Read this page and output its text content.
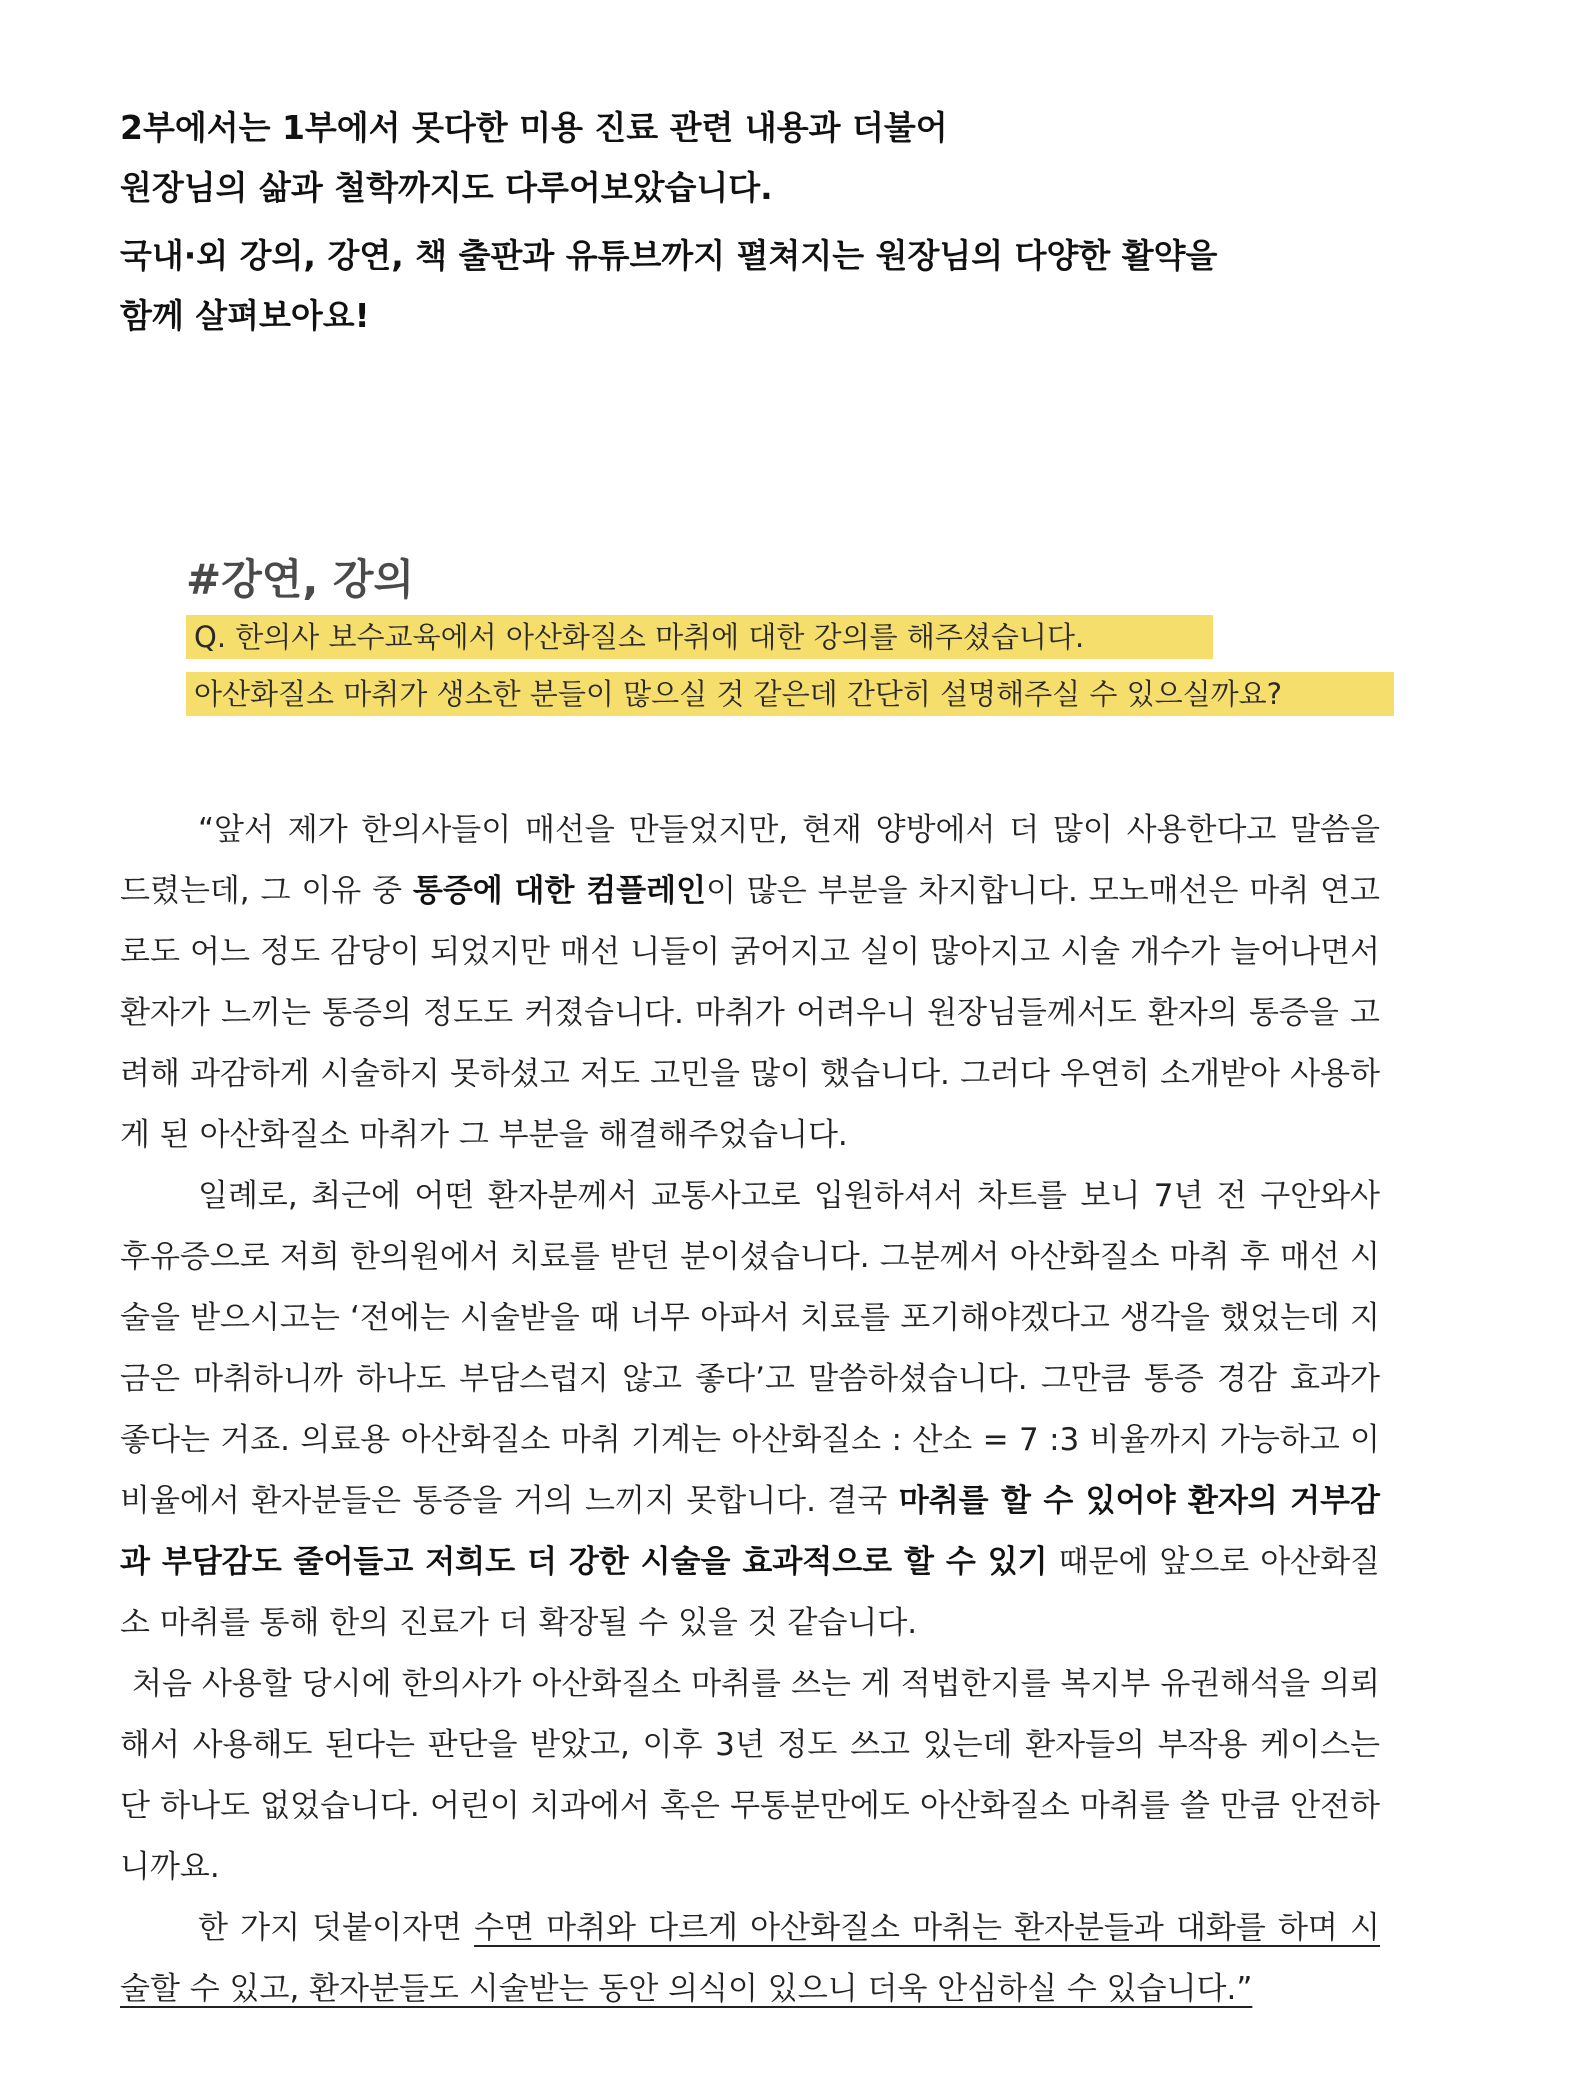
2부에서는 1부에서 못다한 미용 진료 관련 내용과 더불어

원장님의 삶과 철학까지도 다루어보았습니다.

국내·외 강의, 강연, 책 출판과 유튜브까지 펼쳐지는 원장님의 다양한 활약을

함께 살펴보아요!

#강연, 강의
Q. 한의사 보수교육에서 아산화질소 마취에 대한 강의를 해주셨습니다.
아산화질소 마취가 생소한 분들이 많으실 것 같은데 간단히 설명해주실 수 있으실까요?

“앞서 제가 한의사들이 매선을 만들었지만, 현재 양방에서 더 많이 사용한다고 말씀을 드렸는데, 그 이유 중 통증에 대한 컴플레인이 많은 부분을 차지합니다. 모노매선은 마취 연고로도 어느 정도 감당이 되었지만 매선 니들이 굵어지고 실이 많아지고 시술 개수가 늘어나면서 환자가 느끼는 통증의 정도도 커졌습니다. 마취가 어려우니 원장님들께서도 환자의 통증을 고려해 과감하게 시술하지 못하셨고 저도 고민을 많이 했습니다. 그러다 우연히 소개받아 사용하게 된 아산화질소 마취가 그 부분을 해결해주었습니다.

일례로, 최근에 어떤 환자분께서 교통사고로 입원하셔서 차트를 보니 7년 전 구안와사 후유증으로 저희 한의원에서 치료를 받던 분이셨습니다. 그분께서 아산화질소 마취 후 매선 시술을 받으시고는 ‘전에는 시술받을 때 너무 아파서 치료를 포기해야겠다고 생각을 했었는데 지금은 마취하니까 하나도 부담스럽지 않고 좋다’고 말씀하셨습니다. 그만큼 통증 경감 효과가 좋다는 거죠. 의료용 아산화질소 마취 기계는 아산화질소 : 산소 = 7 :3 비율까지 가능하고 이 비율에서 환자분들은 통증을 거의 느끼지 못합니다. 결국 마취를 할 수 있어야 환자의 거부감과 부담감도 줄어들고 저희도 더 강한 시술을 효과적으로 할 수 있기 때문에 앞으로 아산화질소 마취를 통해 한의 진료가 더 확장될 수 있을 것 같습니다.

처음 사용할 당시에 한의사가 아산화질소 마취를 쓰는 게 적법한지를 복지부 유권해석을 의뢰해서 사용해도 된다는 판단을 받았고, 이후 3년 정도 쓰고 있는데 환자들의 부작용 케이스는 단 하나도 없었습니다. 어린이 치과에서 혹은 무통분만에도 아산화질소 마취를 쓸 만큼 안전하니까요.

한 가지 덧붙이자면 수면 마취와 다르게 아산화질소 마취는 환자분들과 대화를 하며 시술할 수 있고, 환자분들도 시술받는 동안 의식이 있으니 더욱 안심하실 수 있습니다.”
